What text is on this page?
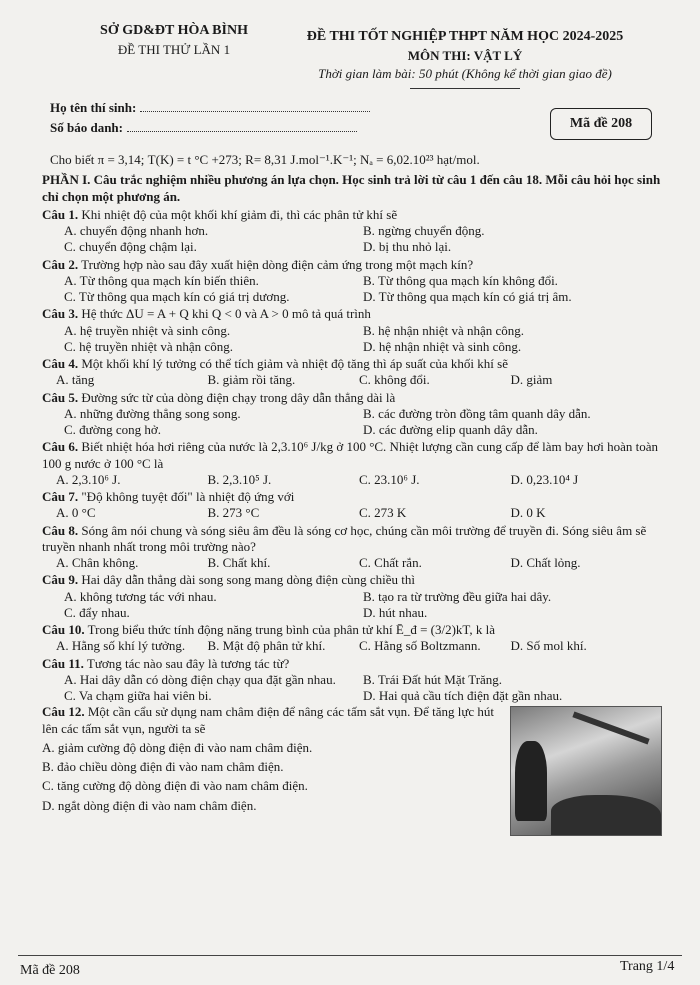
SỞ GD&ĐT HÒA BÌNH
ĐỀ THI THỬ LẦN 1
ĐỀ THI TỐT NGHIỆP THPT NĂM HỌC 2024-2025
MÔN THI: VẬT LÝ
Thời gian làm bài: 50 phút (Không kể thời gian giao đề)
Họ tên thí sinh:
Số báo danh:	Mã đề 208
Cho biết π = 3,14; T(K) = t °C +273; R= 8,31 J.mol⁻¹.K⁻¹; Nₐ = 6,02.10²³ hạt/mol.
PHẦN I. Câu trắc nghiệm nhiều phương án lựa chọn. Học sinh trả lời từ câu 1 đến câu 18. Mỗi câu hỏi học sinh chỉ chọn một phương án.
Câu 1. Khi nhiệt độ của một khối khí giảm đi, thì các phân tử khí sẽ
A. chuyển động nhanh hơn.	B. ngừng chuyển động.
C. chuyển động chậm lại.	D. bị thu nhỏ lại.
Câu 2. Trường hợp nào sau đây xuất hiện dòng điện cảm ứng trong một mạch kín?
A. Từ thông qua mạch kín biến thiên.	B. Từ thông qua mạch kín không đổi.
C. Từ thông qua mạch kín có giá trị dương.	D. Từ thông qua mạch kín có giá trị âm.
Câu 3. Hệ thức ΔU = A + Q khi Q < 0 và A > 0 mô tả quá trình
A. hệ truyền nhiệt và sinh công.	B. hệ nhận nhiệt và nhận công.
C. hệ truyền nhiệt và nhận công.	D. hệ nhận nhiệt và sinh công.
Câu 4. Một khối khí lý tưởng có thể tích giảm và nhiệt độ tăng thì áp suất của khối khí sẽ
A. tăng	B. giảm rồi tăng.	C. không đổi.	D. giảm
Câu 5. Đường sức từ của dòng điện chạy trong dây dẫn thẳng dài là
A. những đường thẳng song song.	B. các đường tròn đồng tâm quanh dây dẫn.
C. đường cong hở.	D. các đường elip quanh dây dẫn.
Câu 6. Biết nhiệt hóa hơi riêng của nước là 2,3.10⁶ J/kg ở 100 °C. Nhiệt lượng cần cung cấp để làm bay hơi hoàn toàn 100 g nước ở 100 °C là
A. 2,3.10⁶ J.	B. 2,3.10⁵ J.	C. 23.10⁶ J.	D. 0,23.10⁴ J
Câu 7. "Độ không tuyệt đối" là nhiệt độ ứng với
A. 0 °C	B. 273 °C	C. 273 K	D. 0 K
Câu 8. Sóng âm nói chung và sóng siêu âm đều là sóng cơ học, chúng cần môi trường để truyền đi. Sóng siêu âm sẽ truyền nhanh nhất trong môi trường nào?
A. Chân không.	B. Chất khí.	C. Chất rắn.	D. Chất lỏng.
Câu 9. Hai dây dẫn thẳng dài song song mang dòng điện cùng chiều thì
A. không tương tác với nhau.	B. tạo ra từ trường đều giữa hai dây.
C. đẩy nhau.	D. hút nhau.
Câu 10. Trong biểu thức tính động năng trung bình của phân tử khí Ē_đ = (3/2)kT, k là
A. Hằng số khí lý tưởng.	B. Mật độ phân tử khí.	C. Hằng số Boltzmann.	D. Số mol khí.
Câu 11. Tương tác nào sau đây là tương tác từ?
A. Hai dây dẫn có dòng điện chạy qua đặt gần nhau.	B. Trái Đất hút Mặt Trăng.
C. Va chạm giữa hai viên bi.	D. Hai quả cầu tích điện đặt gần nhau.
Câu 12. Một cần cẩu sử dụng nam châm điện để nâng các tấm sắt vụn. Để tăng lực hút lên các tấm sắt vụn, người ta sẽ
A. giảm cường độ dòng điện đi vào nam châm điện.
B. đảo chiều dòng điện đi vào nam châm điện.
C. tăng cường độ dòng điện đi vào nam châm điện.
D. ngắt dòng điện đi vào nam châm điện.
Mã đề 208	Trang 1/4
